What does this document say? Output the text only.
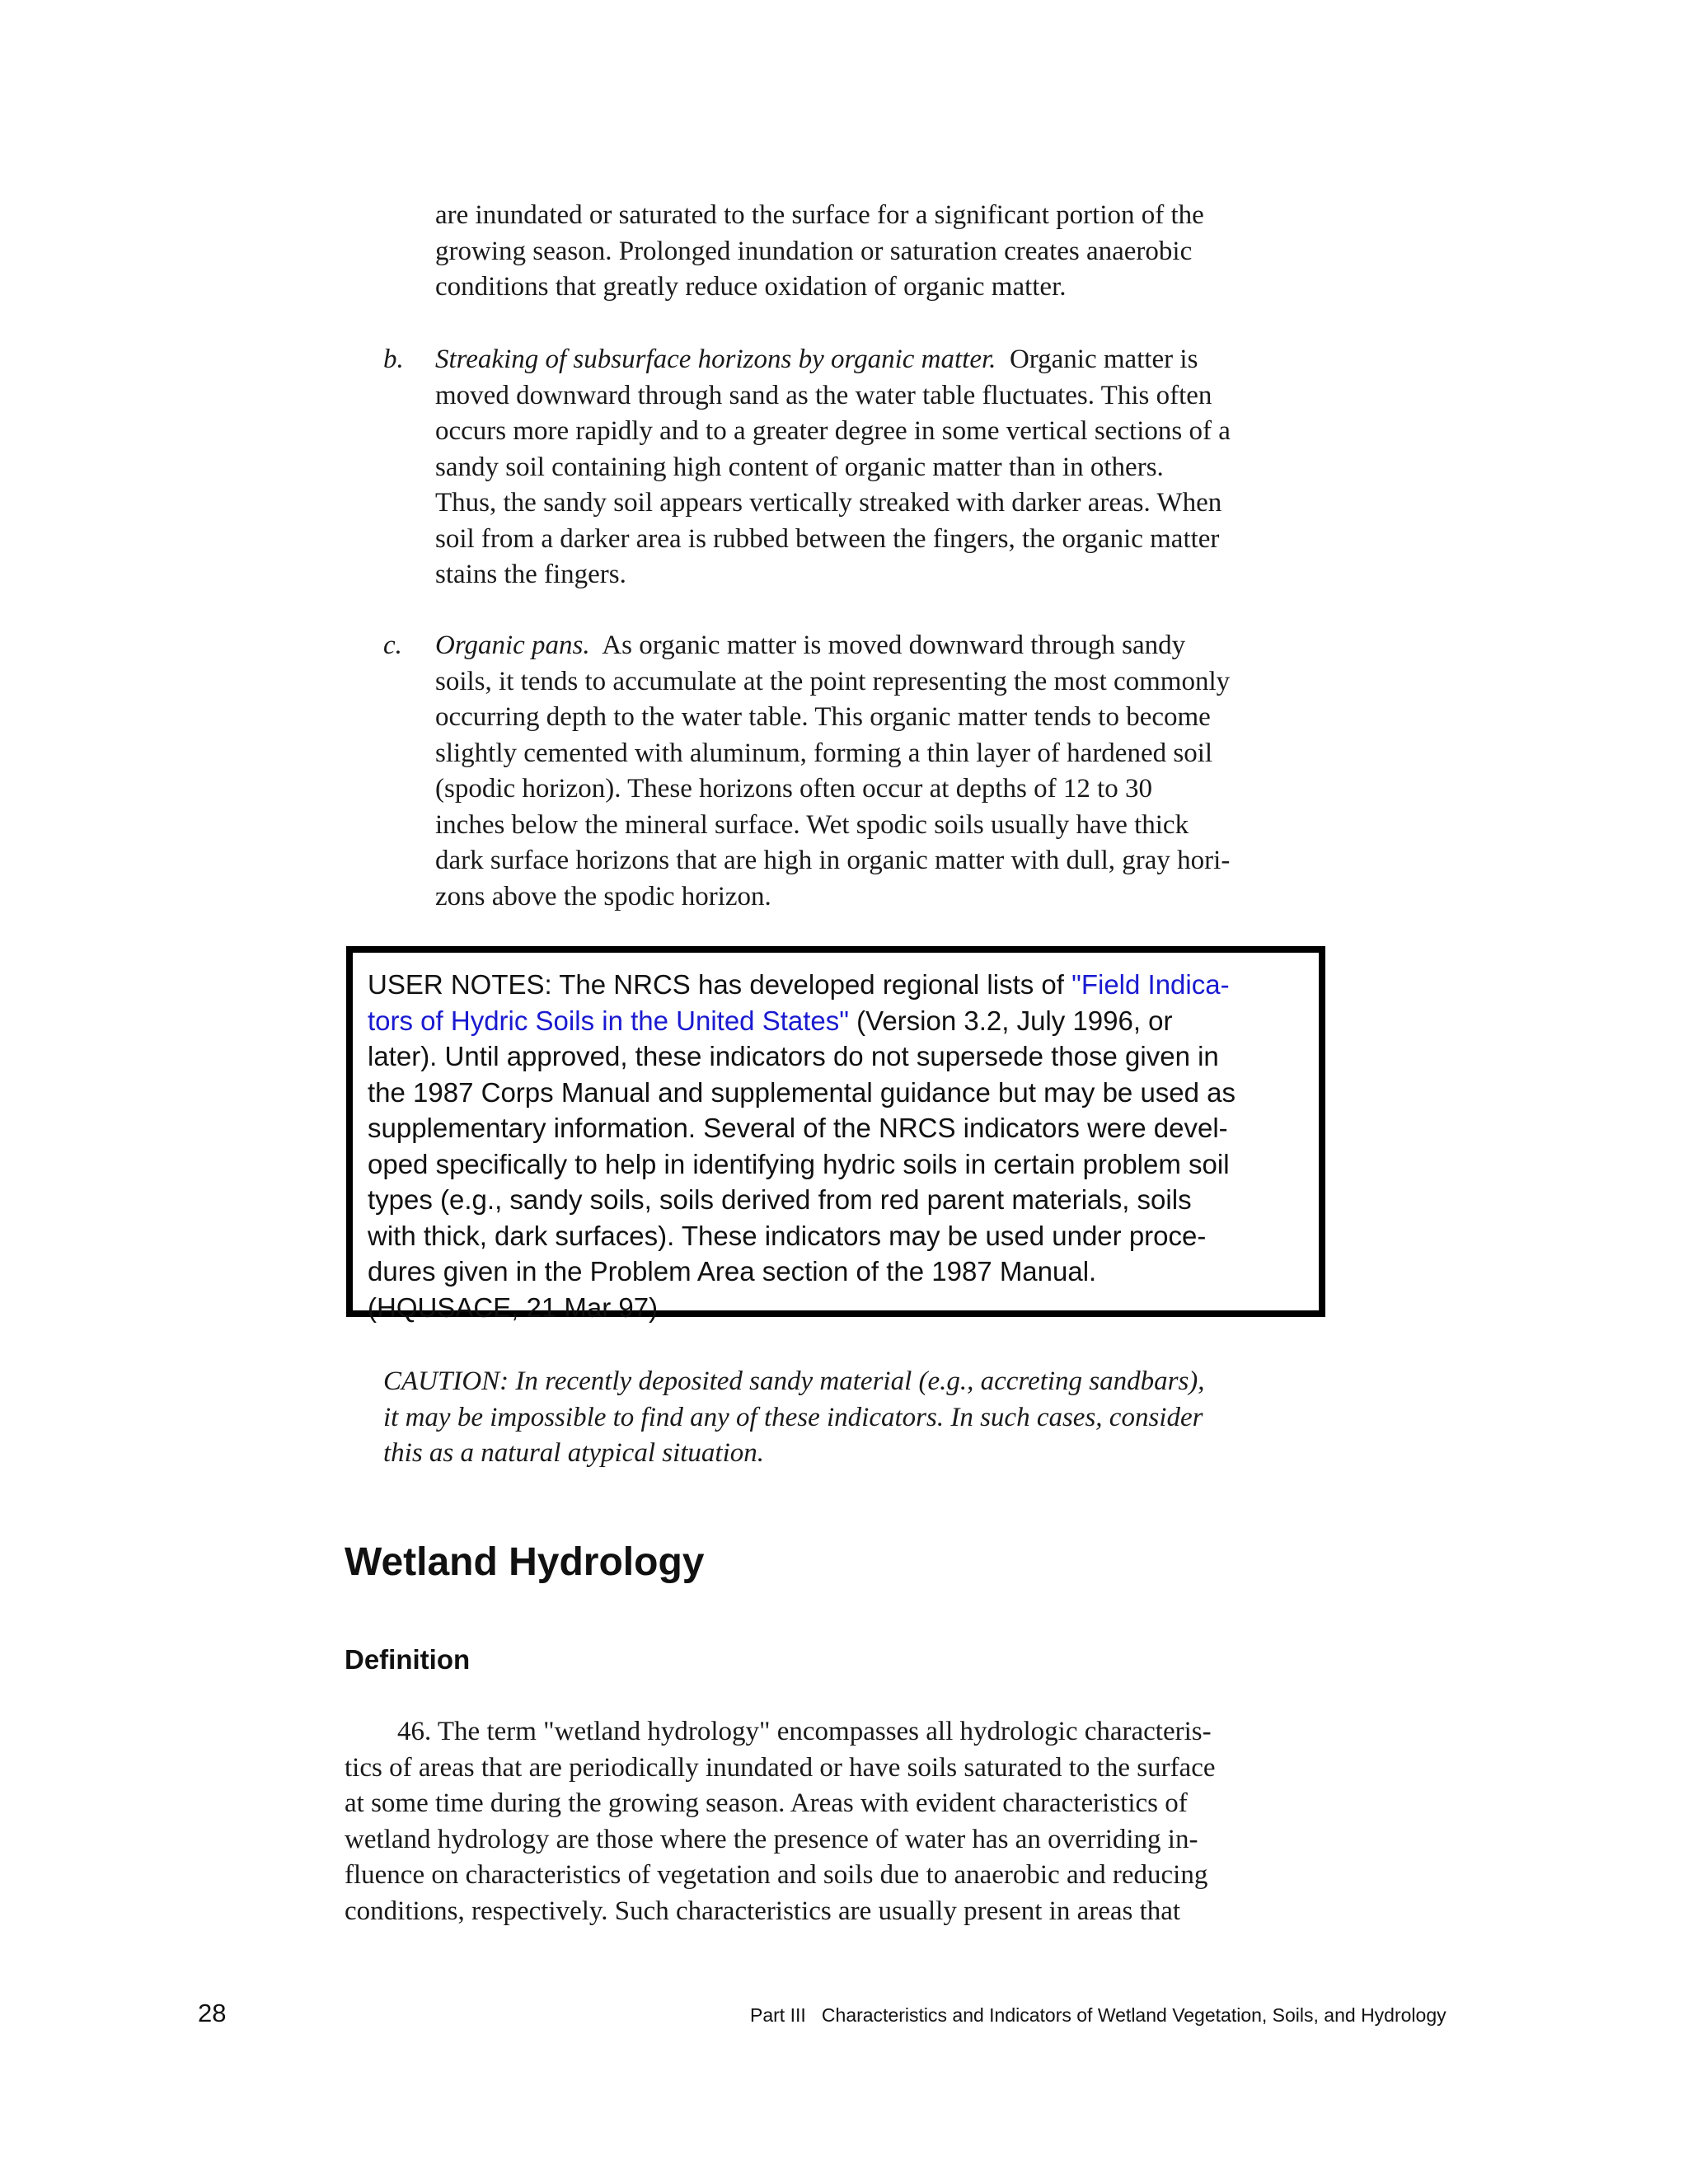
are inundated or saturated to the surface for a significant portion of the
growing season. Prolonged inundation or saturation creates anaerobic
conditions that greatly reduce oxidation of organic matter.
b. Streaking of subsurface horizons by organic matter.  Organic matter is
moved downward through sand as the water table fluctuates. This often
occurs more rapidly and to a greater degree in some vertical sections of a
sandy soil containing high content of organic matter than in others.
Thus, the sandy soil appears vertically streaked with darker areas. When
soil from a darker area is rubbed between the fingers, the organic matter
stains the fingers.
c. Organic pans.  As organic matter is moved downward through sandy
soils, it tends to accumulate at the point representing the most commonly
occurring depth to the water table. This organic matter tends to become
slightly cemented with aluminum, forming a thin layer of hardened soil
(spodic horizon). These horizons often occur at depths of 12 to 30
inches below the mineral surface. Wet spodic soils usually have thick
dark surface horizons that are high in organic matter with dull, gray hori-
zons above the spodic horizon.
USER NOTES: The NRCS has developed regional lists of "Field Indica-
tors of Hydric Soils in the United States" (Version 3.2, July 1996, or
later). Until approved, these indicators do not supersede those given in
the 1987 Corps Manual and supplemental guidance but may be used as
supplementary information. Several of the NRCS indicators were devel-
oped specifically to help in identifying hydric soils in certain problem soil
types (e.g., sandy soils, soils derived from red parent materials, soils
with thick, dark surfaces). These indicators may be used under proce-
dures given in the Problem Area section of the 1987 Manual.
(HQUSACE, 21 Mar 97)
CAUTION: In recently deposited sandy material (e.g., accreting sandbars),
it may be impossible to find any of these indicators. In such cases, consider
this as a natural atypical situation.
Wetland Hydrology
Definition
46. The term "wetland hydrology" encompasses all hydrologic characteris-
tics of areas that are periodically inundated or have soils saturated to the surface
at some time during the growing season. Areas with evident characteristics of
wetland hydrology are those where the presence of water has an overriding in-
fluence on characteristics of vegetation and soils due to anaerobic and reducing
conditions, respectively. Such characteristics are usually present in areas that
28	Part III   Characteristics and Indicators of Wetland Vegetation, Soils, and Hydrology
